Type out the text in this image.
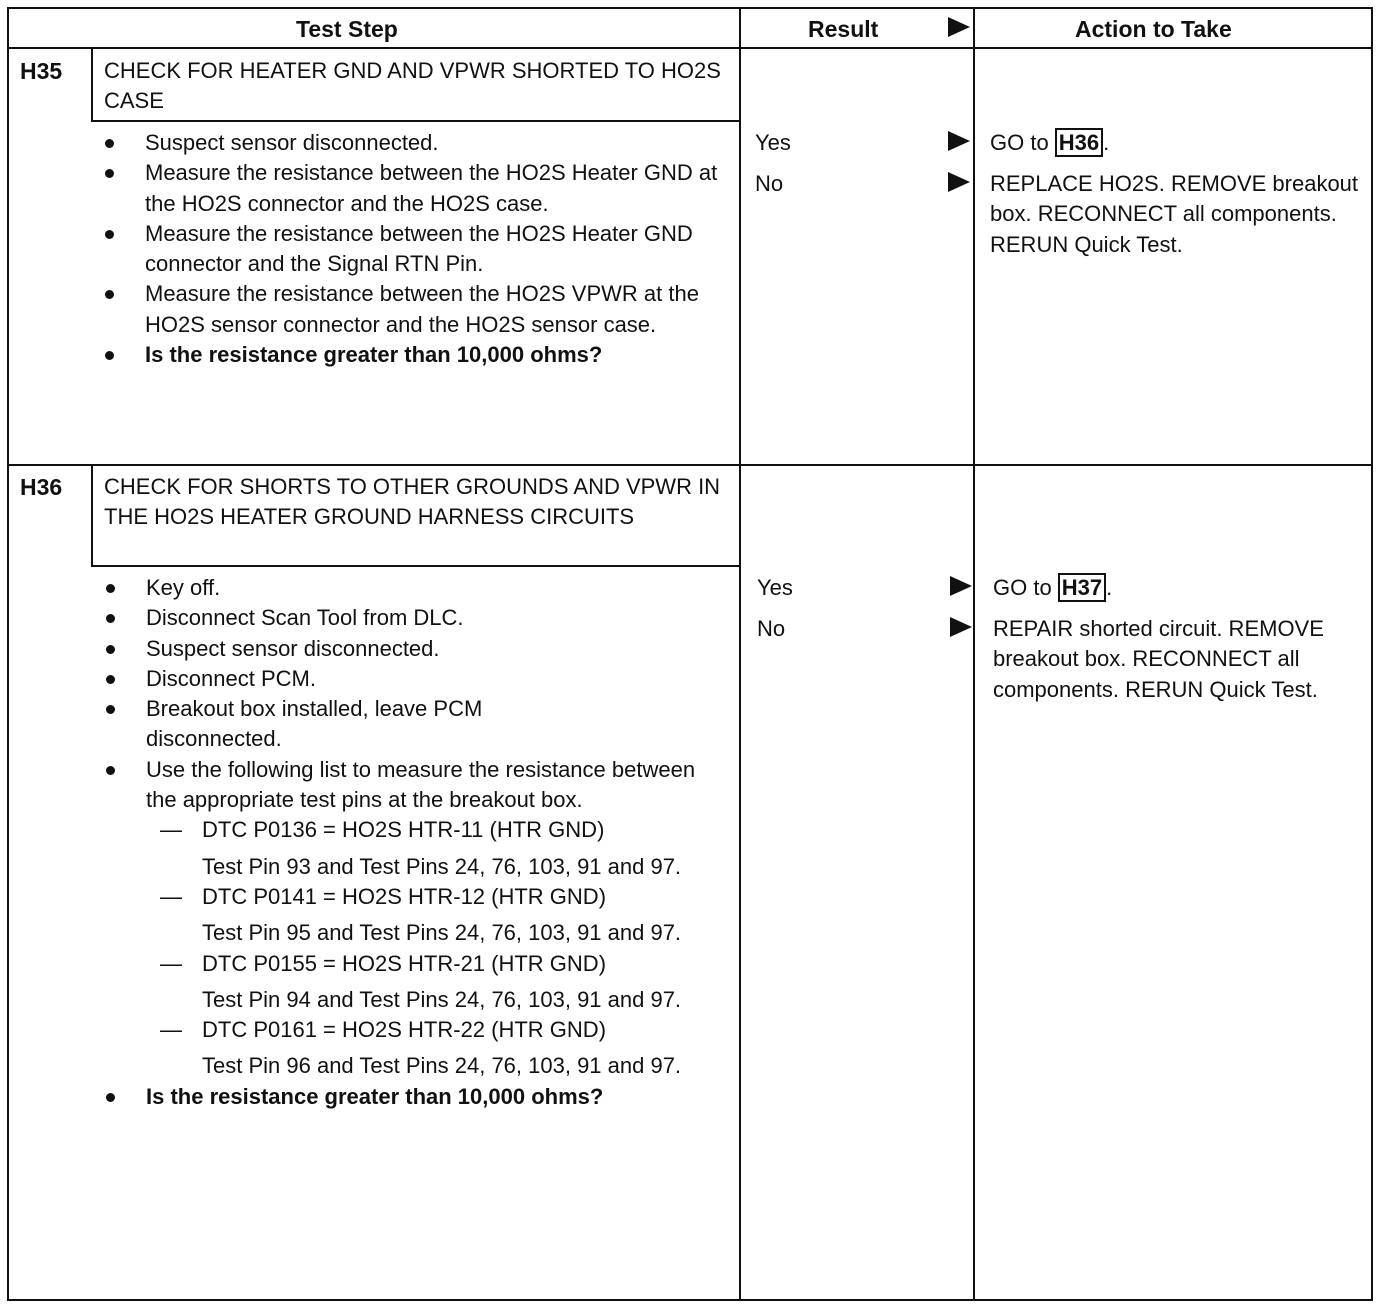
Test Step	Result	Action to Take
H35 CHECK FOR HEATER GND AND VPWR SHORTED TO HO2S CASE
Suspect sensor disconnected.
Measure the resistance between the HO2S Heater GND at the HO2S connector and the HO2S case.
Measure the resistance between the HO2S Heater GND connector and the Signal RTN Pin.
Measure the resistance between the HO2S VPWR at the HO2S sensor connector and the HO2S sensor case.
Is the resistance greater than 10,000 ohms?
Yes	GO to H36 .
No	REPLACE HO2S. REMOVE breakout box. RECONNECT all components. RERUN Quick Test.
H36 CHECK FOR SHORTS TO OTHER GROUNDS AND VPWR IN THE HO2S HEATER GROUND HARNESS CIRCUITS
Key off.
Disconnect Scan Tool from DLC.
Suspect sensor disconnected.
Disconnect PCM.
Breakout box installed, leave PCM disconnected.
Use the following list to measure the resistance between the appropriate test pins at the breakout box.
— DTC P0136 = HO2S HTR-11 (HTR GND)
Test Pin 93 and Test Pins 24, 76, 103, 91 and 97.
— DTC P0141 = HO2S HTR-12 (HTR GND)
Test Pin 95 and Test Pins 24, 76, 103, 91 and 97.
— DTC P0155 = HO2S HTR-21 (HTR GND)
Test Pin 94 and Test Pins 24, 76, 103, 91 and 97.
— DTC P0161 = HO2S HTR-22 (HTR GND)
Test Pin 96 and Test Pins 24, 76, 103, 91 and 97.
Is the resistance greater than 10,000 ohms?
Yes	GO to H37 .
No	REPAIR shorted circuit. REMOVE breakout box. RECONNECT all components. RERUN Quick Test.
